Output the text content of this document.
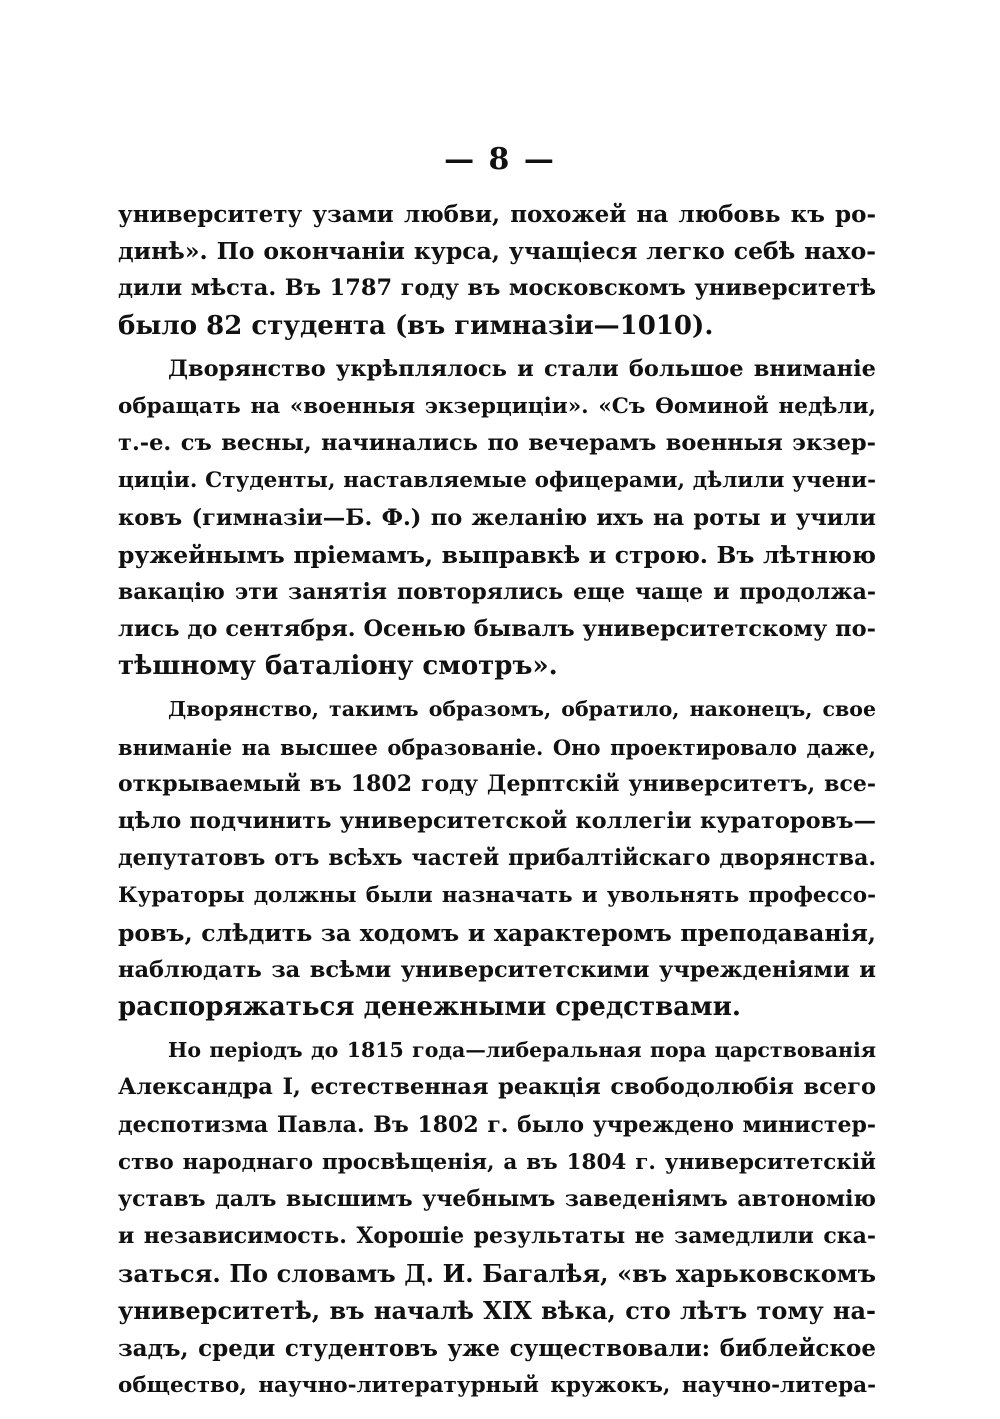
— 8 —
университету узами любви, похожей на любовь къ ро-
динѣ». По окончаніи курса, учащіеся легко себѣ нахо-
дили мѣста. Въ 1787 году въ московскомъ университетѣ
было 82 студента (въ гимназіи—1010).
Дворянство укрѣплялось и стали большое вниманіе
обращать на «военныя экзерциціи». «Съ Ѳоминой недѣли,
т.-е. съ весны, начинались по вечерамъ военныя экзер-
циціи. Студенты, наставляемые офицерами, дѣлили учени-
ковъ (гимназіи—Б. Ф.) по желанію ихъ на роты и учили
ружейнымъ пріемамъ, выправкѣ и строю. Въ лѣтнюю
вакацію эти занятія повторялись еще чаще и продолжа-
лись до сентября. Осенью бывалъ университетскому по-
тѣшному баталіону смотръ».
Дворянство, такимъ образомъ, обратило, наконецъ, свое
вниманіе на высшее образованіе. Оно проектировало даже,
открываемый въ 1802 году Дерптскій университетъ, все-
цѣло подчинить университетской коллегіи кураторовъ—
депутатовъ отъ всѣхъ частей прибалтійскаго дворянства.
Кураторы должны были назначать и увольнять профессо-
ровъ, слѣдить за ходомъ и характеромъ преподаванія,
наблюдать за всѣми университетскими учрежденіями и
распоряжаться денежными средствами.
Но періодъ до 1815 года—либеральная пора царствованія
Александра I, естественная реакція свободолюбія всего
деспотизма Павла. Въ 1802 г. было учреждено министер-
ство народнаго просвѣщенія, а въ 1804 г. университетскій
уставъ далъ высшимъ учебнымъ заведеніямъ автономію
и независимость. Хорошіе результаты не замедлили ска-
заться. По словамъ Д. И. Багалѣя, «въ харьковскомъ
университетѣ, въ началѣ XIX вѣка, сто лѣтъ тому на-
задъ, среди студентовъ уже существовали: библейское
общество, научно-литературный кружокъ, научно-литера-
